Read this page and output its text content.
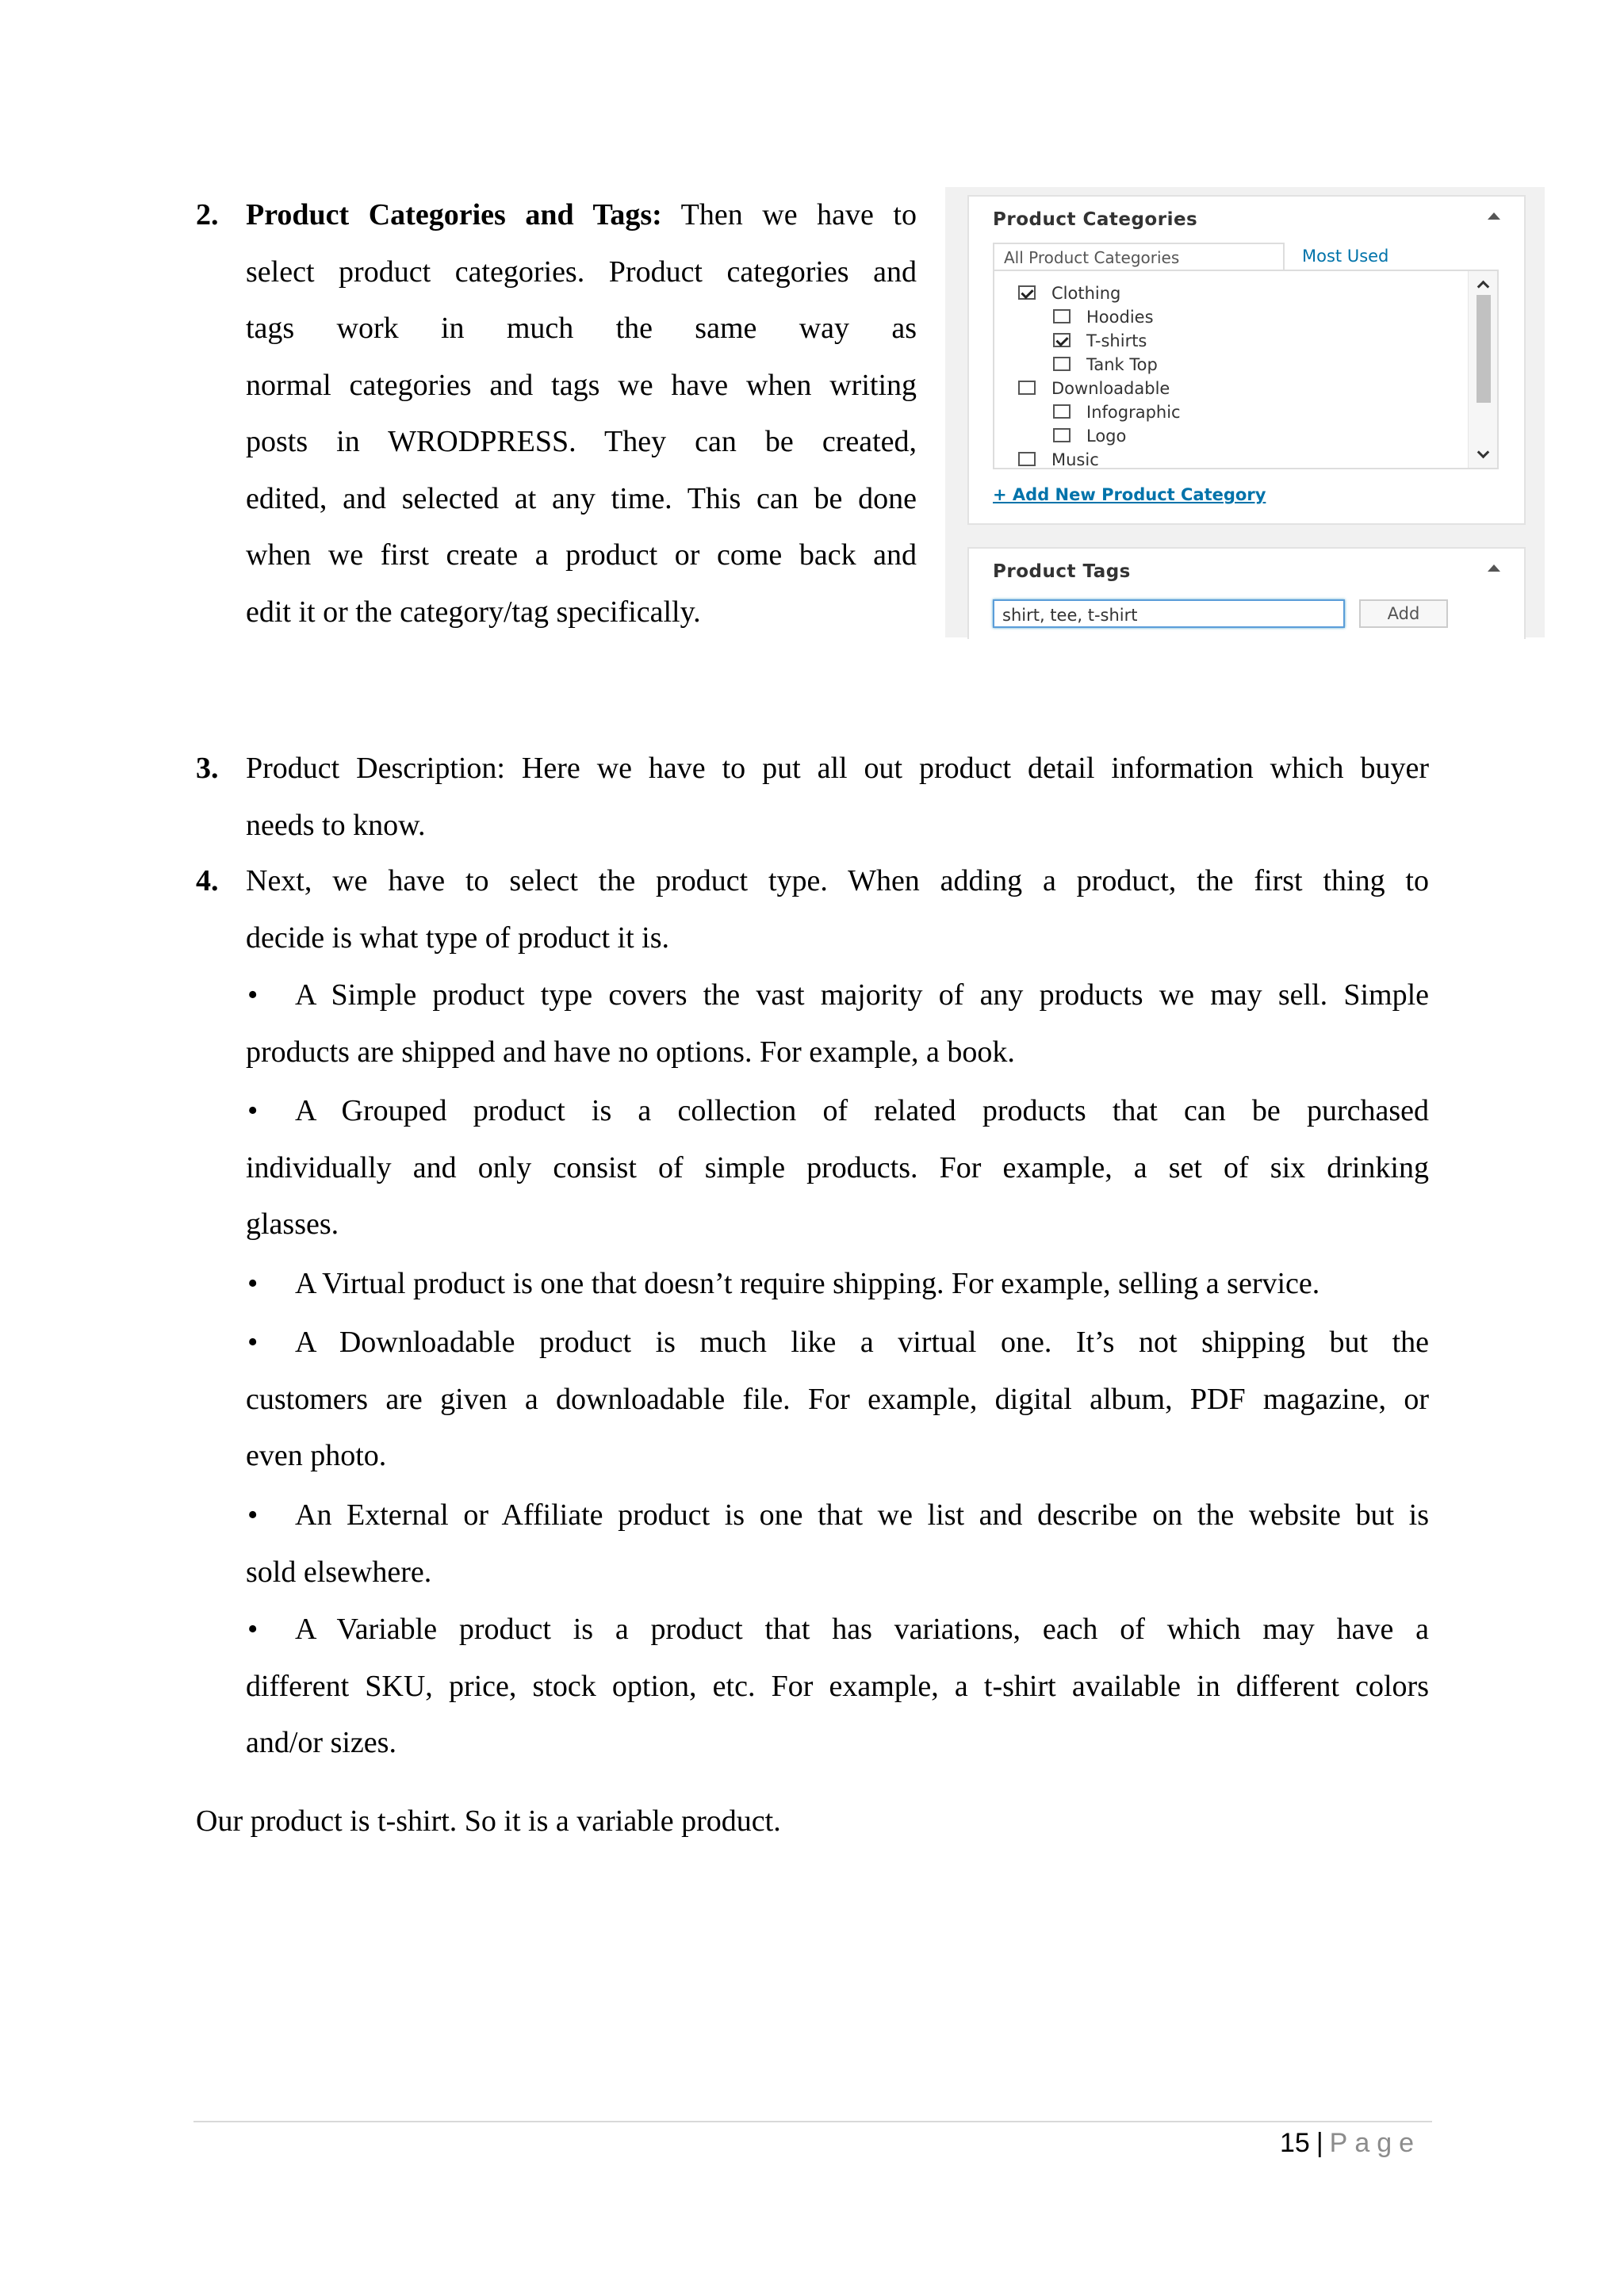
2. Product Categories and Tags: Then we have to
select product categories. Product categories and
tags work in much the same way as
normal categories and tags we have when writing
posts in WRODPRESS. They can be created,
edited, and selected at any time. This can be done
when we first create a product or come back and
edit it or the category/tag specifically.
Product Categories
All Product Categories	Most Used
Clothing
Hoodies
T-shirts
Tank Top
Downloadable
Infographic
Logo
Music
+ Add New Product Category
Product Tags
shirt, tee, t-shirt	Add
3. Product Description: Here we have to put all out product detail information which buyer
needs to know.
4. Next, we have to select the product type. When adding a product, the first thing to
decide is what type of product it is.
•	A Simple product type covers the vast majority of any products we may sell. Simple
products are shipped and have no options. For example, a book.
•	A Grouped product is a collection of related products that can be purchased
individually and only consist of simple products. For example, a set of six drinking
glasses.
•	A Virtual product is one that doesn’t require shipping. For example, selling a service.
•	A Downloadable product is much like a virtual one. It’s not shipping but the
customers are given a downloadable file. For example, digital album, PDF magazine, or
even photo.
•	An External or Affiliate product is one that we list and describe on the website but is
sold elsewhere.
•	A Variable product is a product that has variations, each of which may have a
different SKU, price, stock option, etc. For example, a t-shirt available in different colors
and/or sizes.
Our product is t-shirt. So it is a variable product.
15 | Page
